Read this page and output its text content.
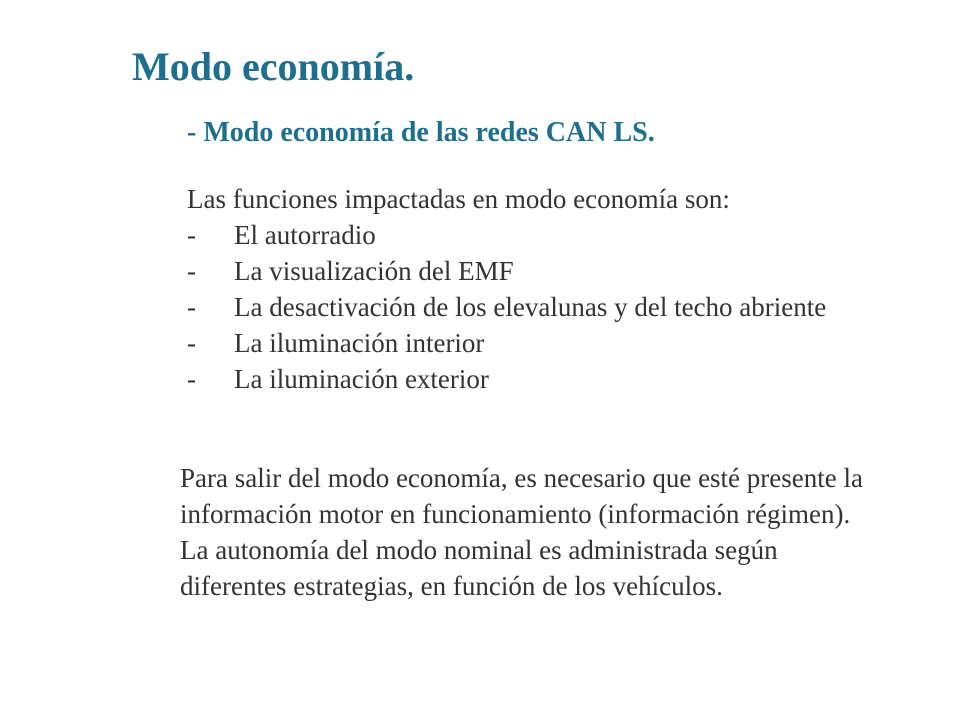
Modo economía.
- Modo economía de las redes CAN LS.

Las funciones impactadas en modo economía son:

- El autorradio
- La visualización del EMF
- La desactivación de los elevalunas y del techo abriente
- La iluminación interior
- La iluminación exterior

Para salir del modo economía, es necesario que esté presente la información motor en funcionamiento (información régimen).

La autonomía del modo nominal es administrada según diferentes estrategias, en función de los vehículos.
